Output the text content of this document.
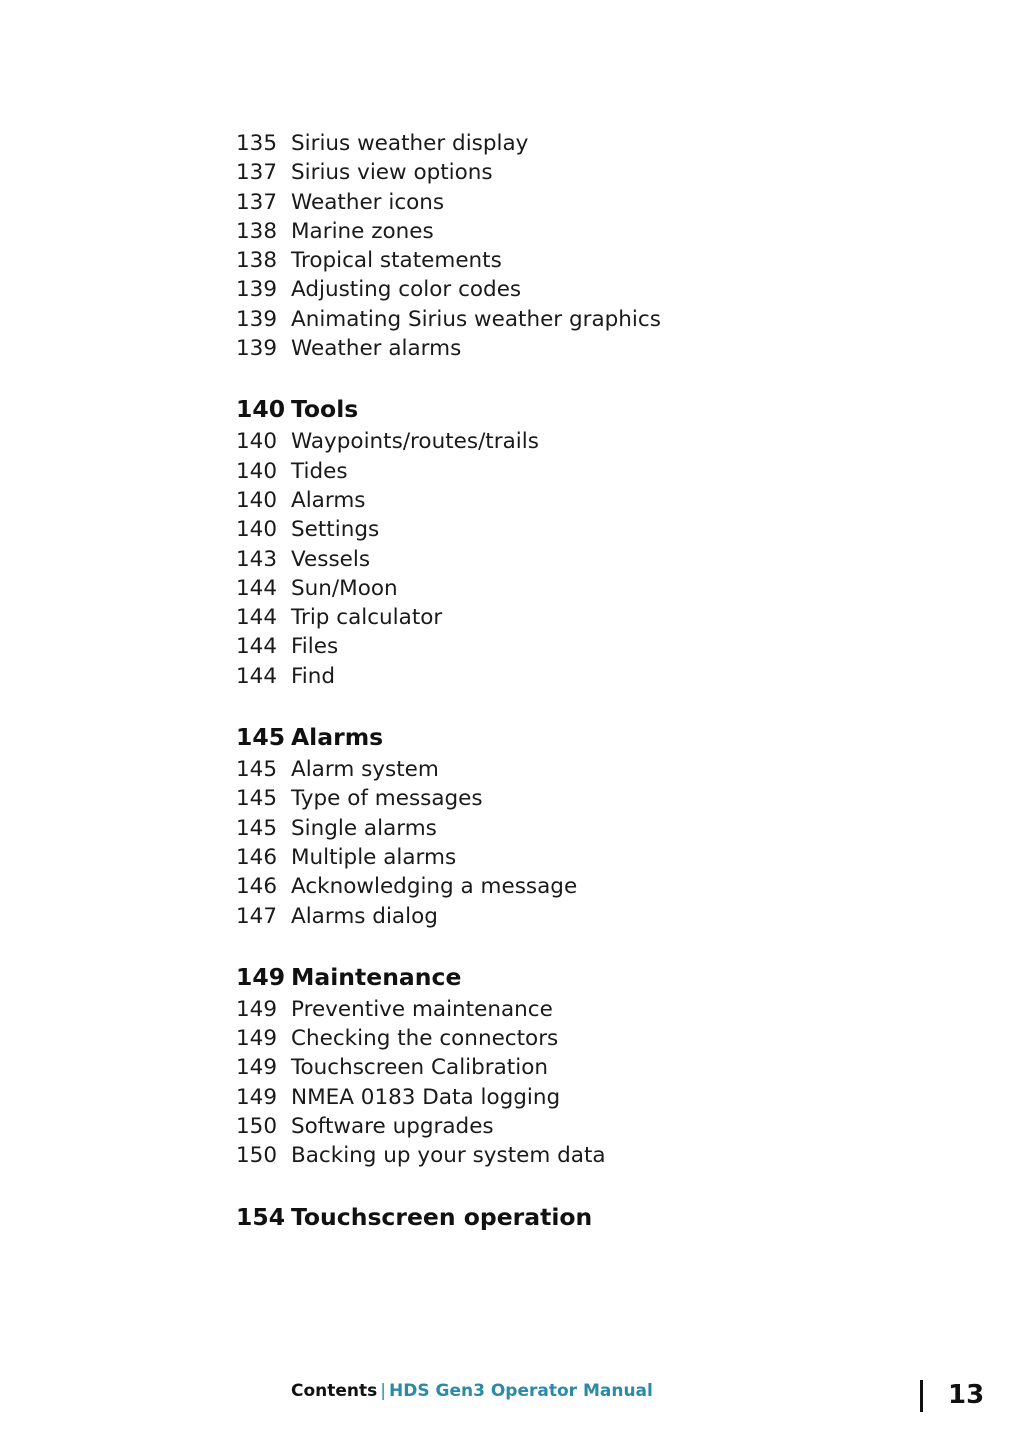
135 Sirius weather display
137 Sirius view options
137 Weather icons
138 Marine zones
138 Tropical statements
139 Adjusting color codes
139 Animating Sirius weather graphics
139 Weather alarms
140 Tools
140 Waypoints/routes/trails
140 Tides
140 Alarms
140 Settings
143 Vessels
144 Sun/Moon
144 Trip calculator
144 Files
144 Find
145 Alarms
145 Alarm system
145 Type of messages
145 Single alarms
146 Multiple alarms
146 Acknowledging a message
147 Alarms dialog
149 Maintenance
149 Preventive maintenance
149 Checking the connectors
149 Touchscreen Calibration
149 NMEA 0183 Data logging
150 Software upgrades
150 Backing up your system data
154 Touchscreen operation
Contents | HDS Gen3 Operator Manual	13
